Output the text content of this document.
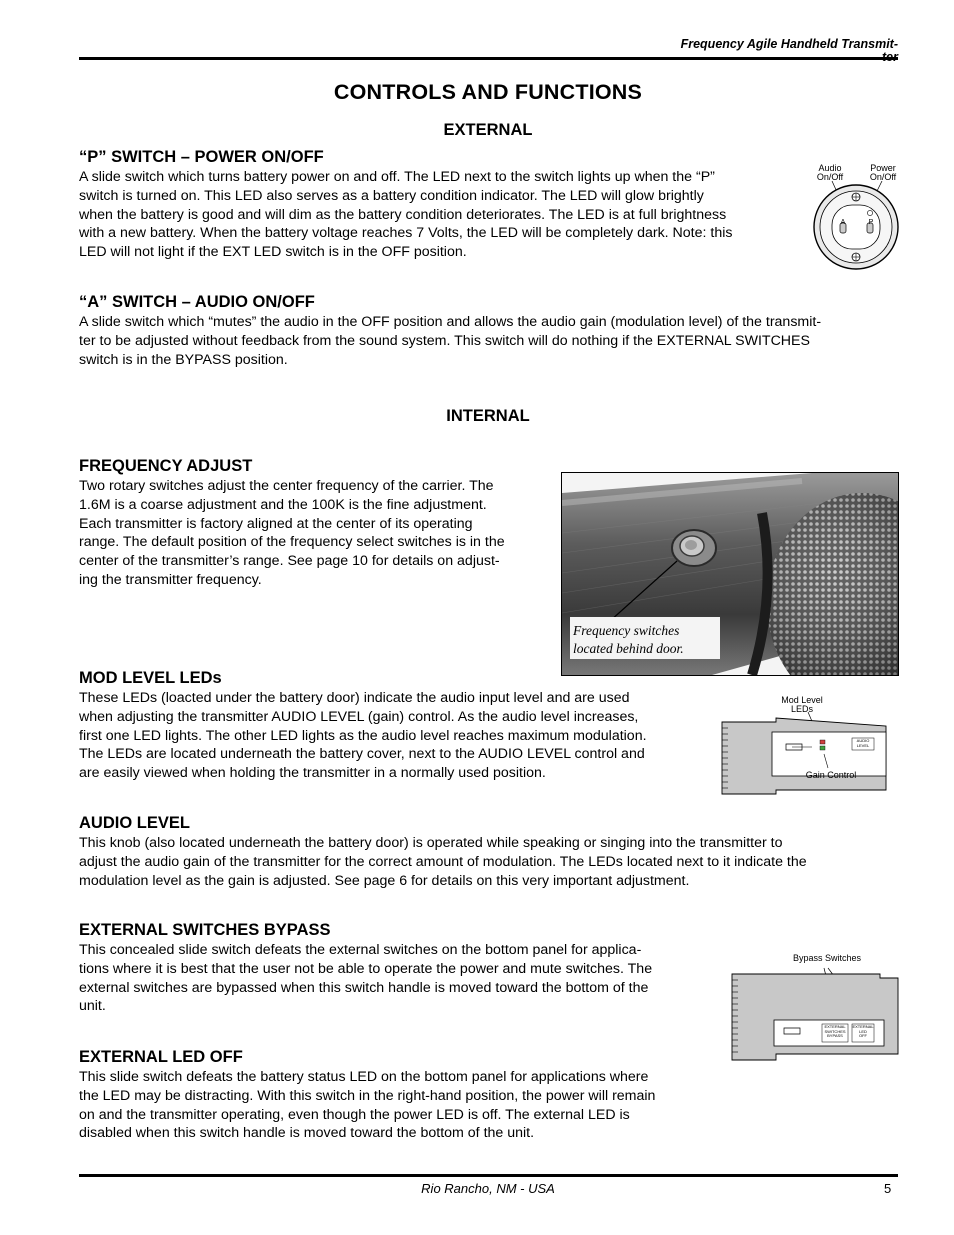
Frequency Agile Handheld Transmit-

CONTROLS AND FUNCTIONS
EXTERNAL
“P” SWITCH – POWER ON/OFF
A slide switch which turns battery power on and off. The LED next to the switch lights up when the “P”
switch is turned on. This LED also serves as a battery condition indicator. The LED will glow brightly
when the battery is good and will dim as the battery condition deteriorates. The LED is at full brightness
with a new battery. When the battery voltage reaches 7 Volts, the LED will be completely dark. Note: this
LED will not light if the EXT LED switch is in the OFF position.
Audio
On/Off
Power
On/Off
A	P
“A” SWITCH – AUDIO ON/OFF
A slide switch which “mutes” the audio in the OFF position and allows the audio gain (modulation level) of the transmit-
ter to be adjusted without feedback from the sound system. This switch will do nothing if the EXTERNAL SWITCHES
switch is in the BYPASS position.
INTERNAL
FREQUENCY ADJUST
Two rotary switches adjust the center frequency of the carrier. The
1.6M is a coarse adjustment and the 100K is the fine adjustment.
Each transmitter is factory aligned at the center of its operating
range. The default position of the frequency select switches is in the
center of the transmitter’s range. See page 10 for details on adjust-
ing the transmitter frequency.
Frequency switches
located behind door.
MOD LEVEL LEDs
These LEDs (loacted under the battery door) indicate the audio input level and are used
when adjusting the transmitter AUDIO LEVEL (gain) control. As the audio level increases,
first one LED lights. The other LED lights as the audio level reaches maximum modulation.
The LEDs are located underneath the battery cover, next to the AUDIO LEVEL control and
are easily viewed when holding the transmitter in a normally used position.
Mod Level
LEDs
AUDIO
LEVEL
Gain Control
AUDIO LEVEL
This knob (also located underneath the battery door) is operated while speaking or singing into the transmitter to
adjust the audio gain of the transmitter for the correct amount of modulation. The LEDs located next to it indicate the
modulation level as the gain is adjusted. See page 6 for details on this very important adjustment.
EXTERNAL SWITCHES BYPASS
This concealed slide switch defeats the external switches on the bottom panel for applica-
tions where it is best that the user not be able to operate the power and mute switches. The
external switches are bypassed when this switch handle is moved toward the bottom of the
unit.
Bypass Switches
EXTERNAL
SWITCHES
BYPASS
EXTERNAL
LED
OFF
EXTERNAL LED OFF
This slide switch defeats the battery status LED on the bottom panel for applications where
the LED may be distracting. With this switch in the right-hand position, the power will remain
on and the transmitter operating, even though the power LED is off. The external LED is
disabled when this switch handle is moved toward the bottom of the unit.
Rio Rancho, NM - USA	5
